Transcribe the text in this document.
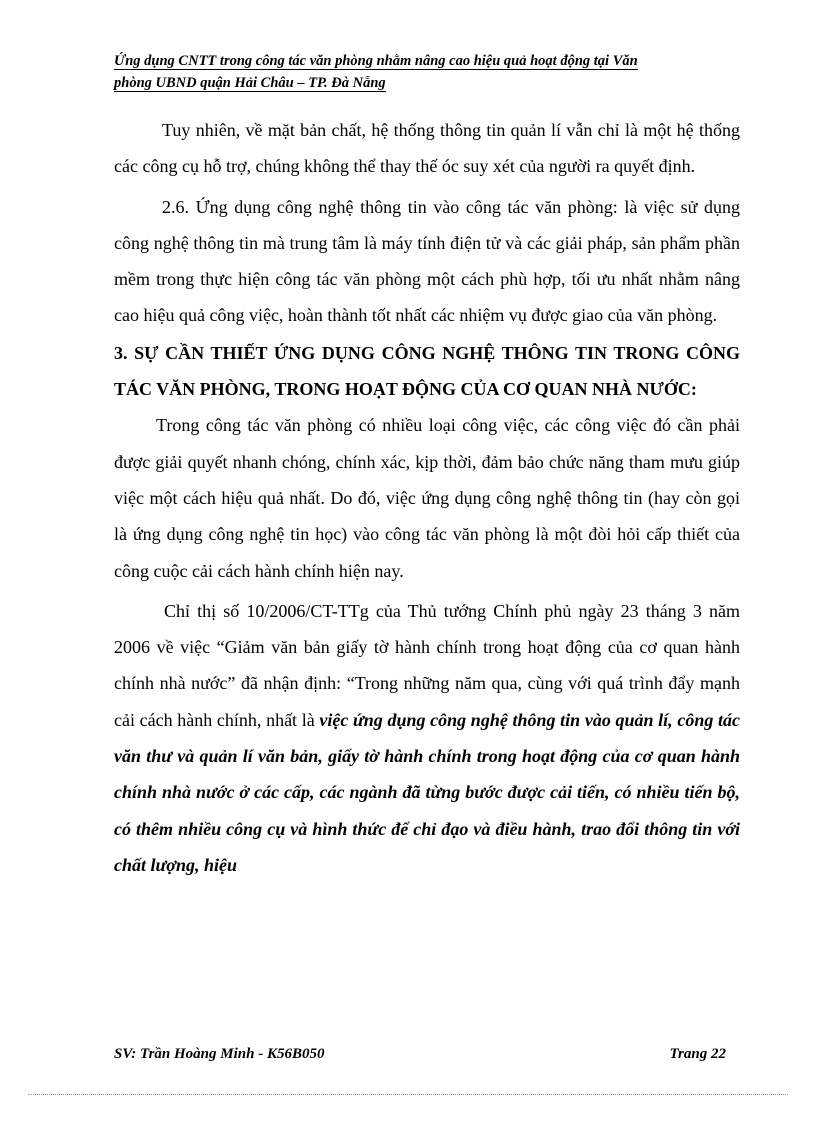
Ứng dụng CNTT trong công tác văn phòng nhằm nâng cao hiệu quả hoạt động tại Văn
phòng UBND quận Hải Châu – TP. Đà Nẵng

Tuy nhiên, về mặt bản chất, hệ thống thông tin quản lí vẫn chỉ là một hệ thống các công cụ hỗ trợ, chúng không thể thay thế óc suy xét của người ra quyết định.

2.6. Ứng dụng công nghệ thông tin vào công tác văn phòng: là việc sử dụng công nghệ thông tin mà trung tâm là máy tính điện tử và các giải pháp, sản phẩm phần mềm trong thực hiện công tác văn phòng một cách phù hợp, tối ưu nhất nhằm nâng cao hiệu quả công việc, hoàn thành tốt nhất các nhiệm vụ được giao của văn phòng.

3. SỰ CẦN THIẾT ỨNG DỤNG CÔNG NGHỆ THÔNG TIN TRONG CÔNG TÁC VĂN PHÒNG, TRONG HOẠT ĐỘNG CỦA CƠ QUAN NHÀ NƯỚC:

Trong công tác văn phòng có nhiều loại công việc, các công việc đó cần phải được giải quyết nhanh chóng, chính xác, kịp thời, đảm bảo chức năng tham mưu giúp việc một cách hiệu quả nhất. Do đó, việc ứng dụng công nghệ thông tin (hay còn gọi là ứng dụng công nghệ tin học) vào công tác văn phòng là một đòi hỏi cấp thiết của công cuộc cải cách hành chính hiện nay.

Chỉ thị số 10/2006/CT-TTg của Thủ tướng Chính phủ ngày 23 tháng 3 năm 2006 về việc “Giảm văn bản giấy tờ hành chính trong hoạt động của cơ quan hành chính nhà nước” đã nhận định: “Trong những năm qua, cùng với quá trình đẩy mạnh cải cách hành chính, nhất là việc ứng dụng công nghệ thông tin vào quản lí, công tác văn thư và quản lí văn bản, giấy tờ hành chính trong hoạt động của cơ quan hành chính nhà nước ở các cấp, các ngành đã từng bước được cải tiến, có nhiều tiến bộ, có thêm nhiều công cụ và hình thức để chỉ đạo và điều hành, trao đổi thông tin với chất lượng, hiệu

SV: Trần Hoàng Minh - K56B050	Trang 22
